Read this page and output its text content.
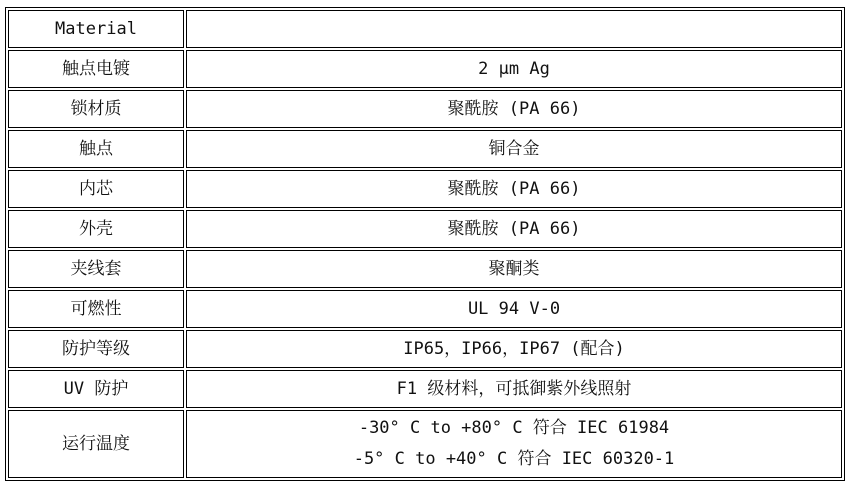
Material	
触点电镀	2 μm Ag
锁材质	聚酰胺 (PA 66)
触点	铜合金
内芯	聚酰胺 (PA 66)
外壳	聚酰胺 (PA 66)
夹线套	聚酮类
可燃性	UL 94 V-0
防护等级	IP65，IP66，IP67 (配合)
UV 防护	F1 级材料，可抵御紫外线照射
运行温度	-30° C to +80° C 符合 IEC 61984
-5° C to +40° C 符合 IEC 60320-1
